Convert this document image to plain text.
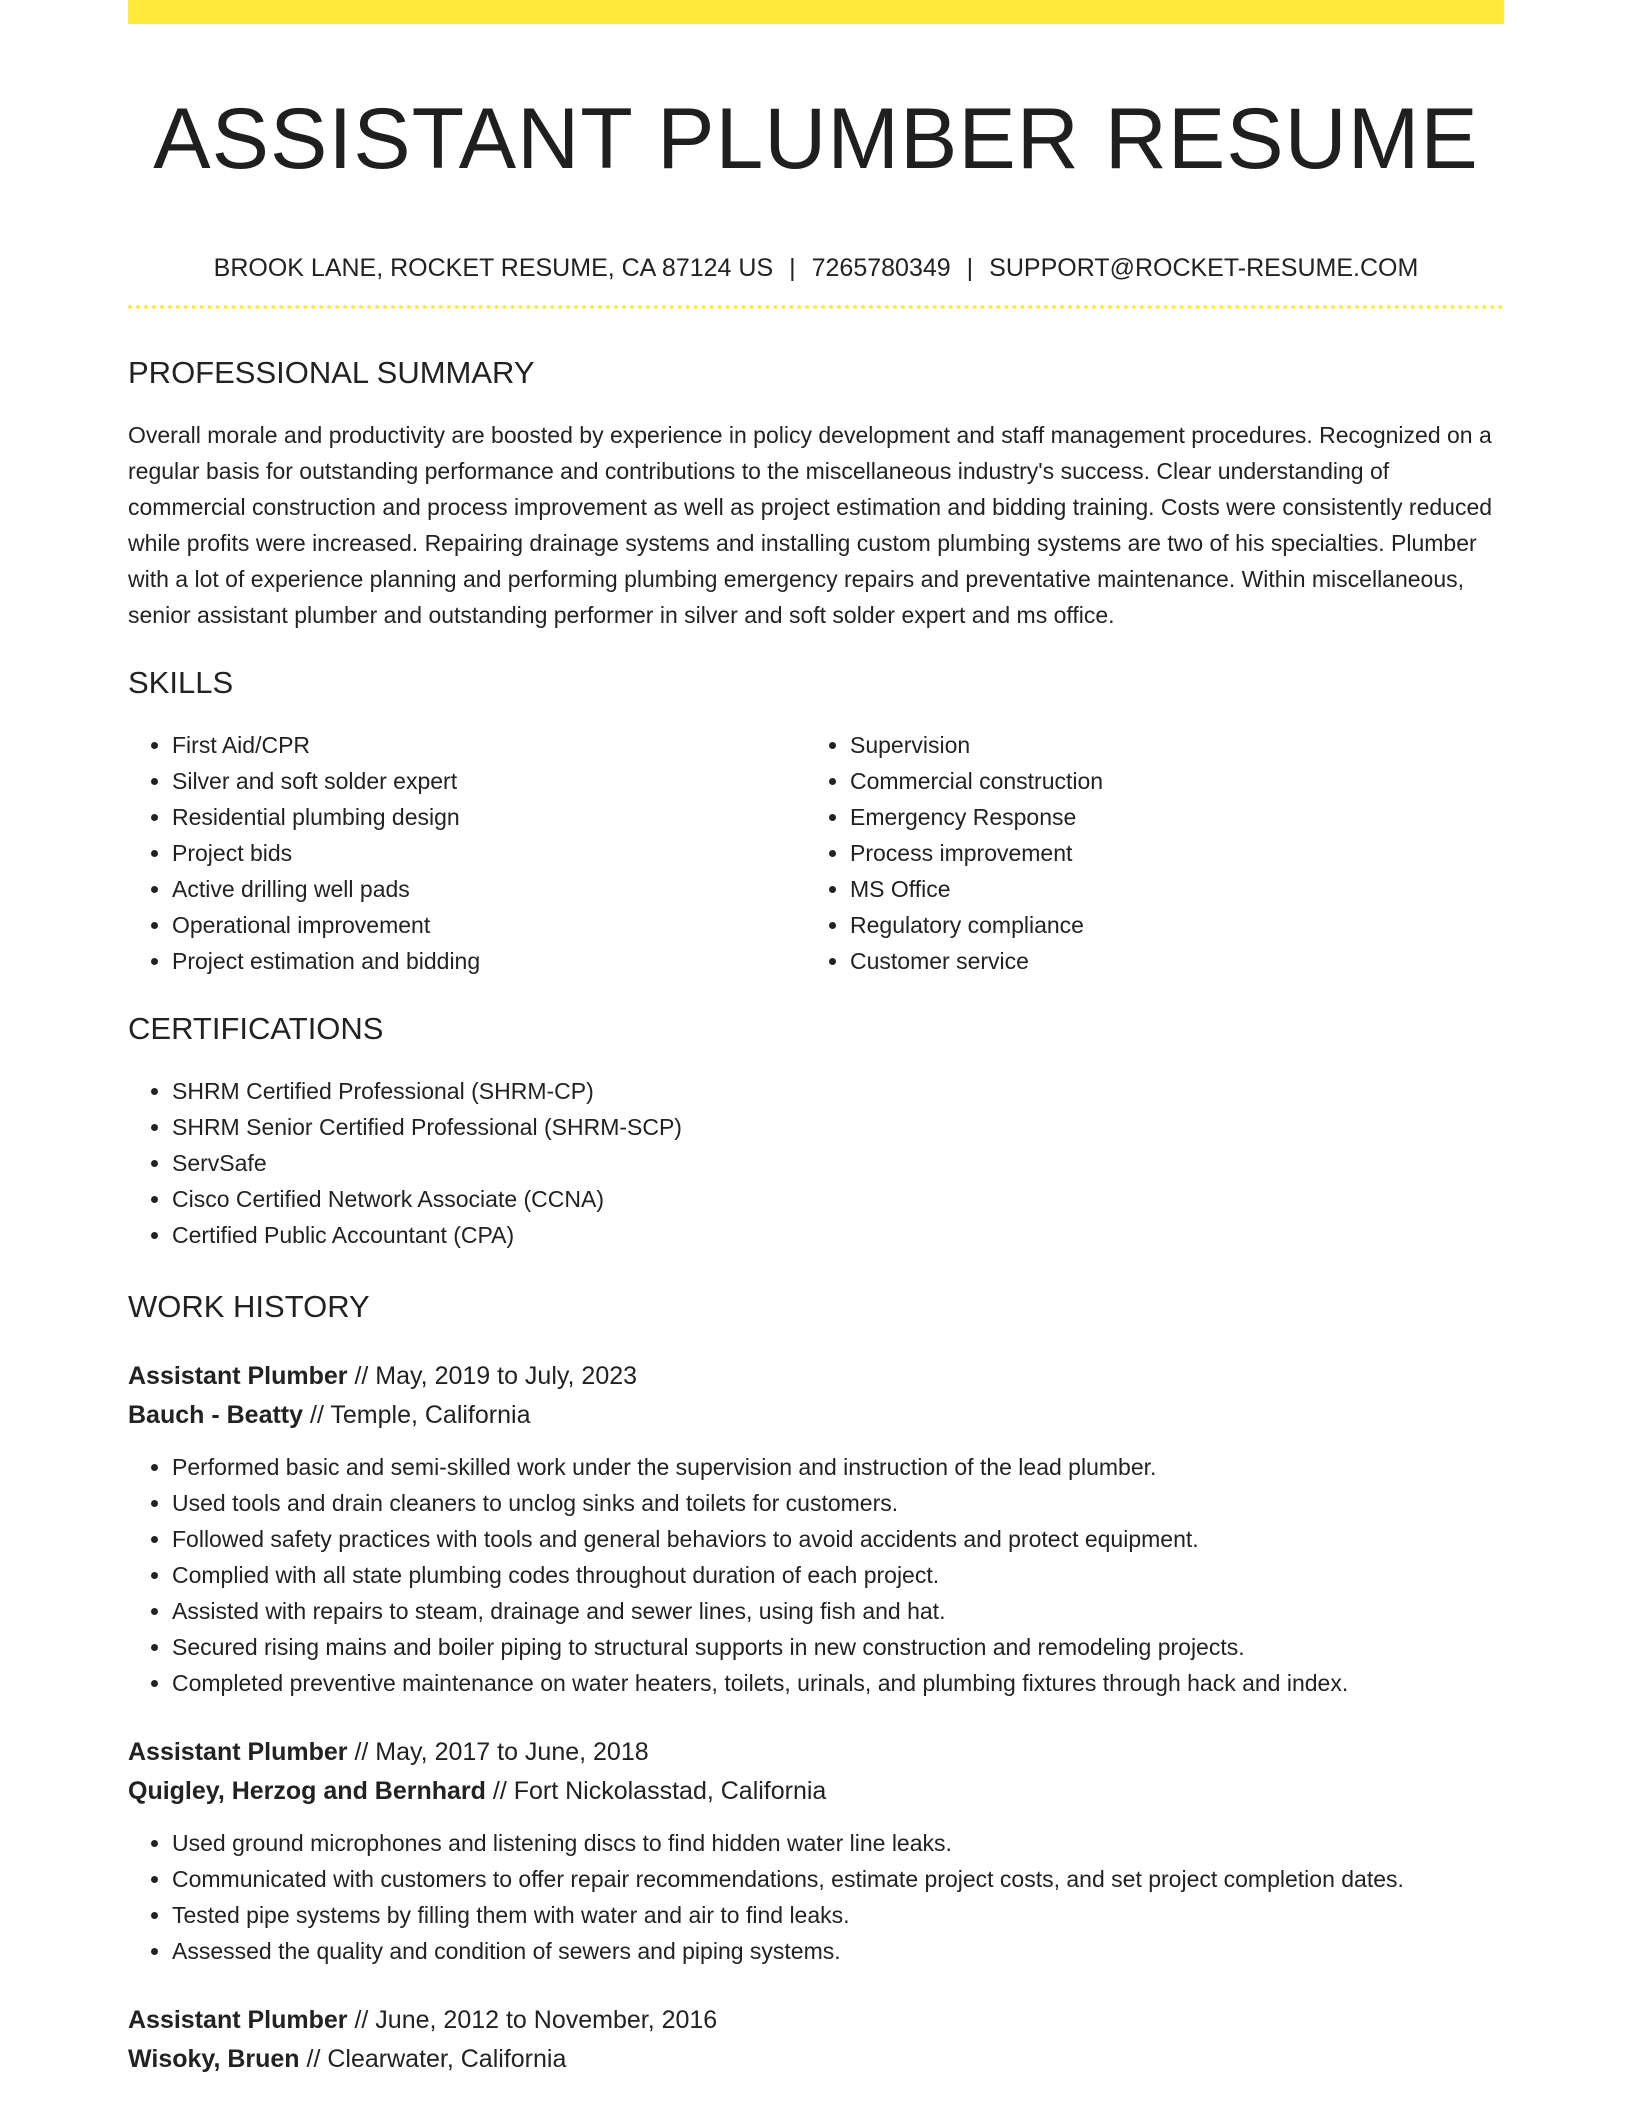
ASSISTANT PLUMBER RESUME
BROOK LANE, ROCKET RESUME, CA 87124 US | 7265780349 | SUPPORT@ROCKET-RESUME.COM
PROFESSIONAL SUMMARY

Overall morale and productivity are boosted by experience in policy development and staff management procedures. Recognized on a regular basis for outstanding performance and contributions to the miscellaneous industry's success. Clear understanding of commercial construction and process improvement as well as project estimation and bidding training. Costs were consistently reduced while profits were increased. Repairing drainage systems and installing custom plumbing systems are two of his specialties. Plumber with a lot of experience planning and performing plumbing emergency repairs and preventative maintenance. Within miscellaneous, senior assistant plumber and outstanding performer in silver and soft solder expert and ms office.

SKILLS
• First Aid/CPR
• Silver and soft solder expert
• Residential plumbing design
• Project bids
• Active drilling well pads
• Operational improvement
• Project estimation and bidding
• Supervision
• Commercial construction
• Emergency Response
• Process improvement
• MS Office
• Regulatory compliance
• Customer service
CERTIFICATIONS
• SHRM Certified Professional (SHRM-CP)
• SHRM Senior Certified Professional (SHRM-SCP)
• ServSafe
• Cisco Certified Network Associate (CCNA)
• Certified Public Accountant (CPA)
WORK HISTORY
Assistant Plumber // May, 2019 to July, 2023
Bauch - Beatty // Temple, California
• Performed basic and semi-skilled work under the supervision and instruction of the lead plumber.
• Used tools and drain cleaners to unclog sinks and toilets for customers.
• Followed safety practices with tools and general behaviors to avoid accidents and protect equipment.
• Complied with all state plumbing codes throughout duration of each project.
• Assisted with repairs to steam, drainage and sewer lines, using fish and hat.
• Secured rising mains and boiler piping to structural supports in new construction and remodeling projects.
• Completed preventive maintenance on water heaters, toilets, urinals, and plumbing fixtures through hack and index.
Assistant Plumber // May, 2017 to June, 2018
Quigley, Herzog and Bernhard // Fort Nickolasstad, California
• Used ground microphones and listening discs to find hidden water line leaks.
• Communicated with customers to offer repair recommendations, estimate project costs, and set project completion dates.
• Tested pipe systems by filling them with water and air to find leaks.
• Assessed the quality and condition of sewers and piping systems.
Assistant Plumber // June, 2012 to November, 2016
Wisoky, Bruen // Clearwater, California
